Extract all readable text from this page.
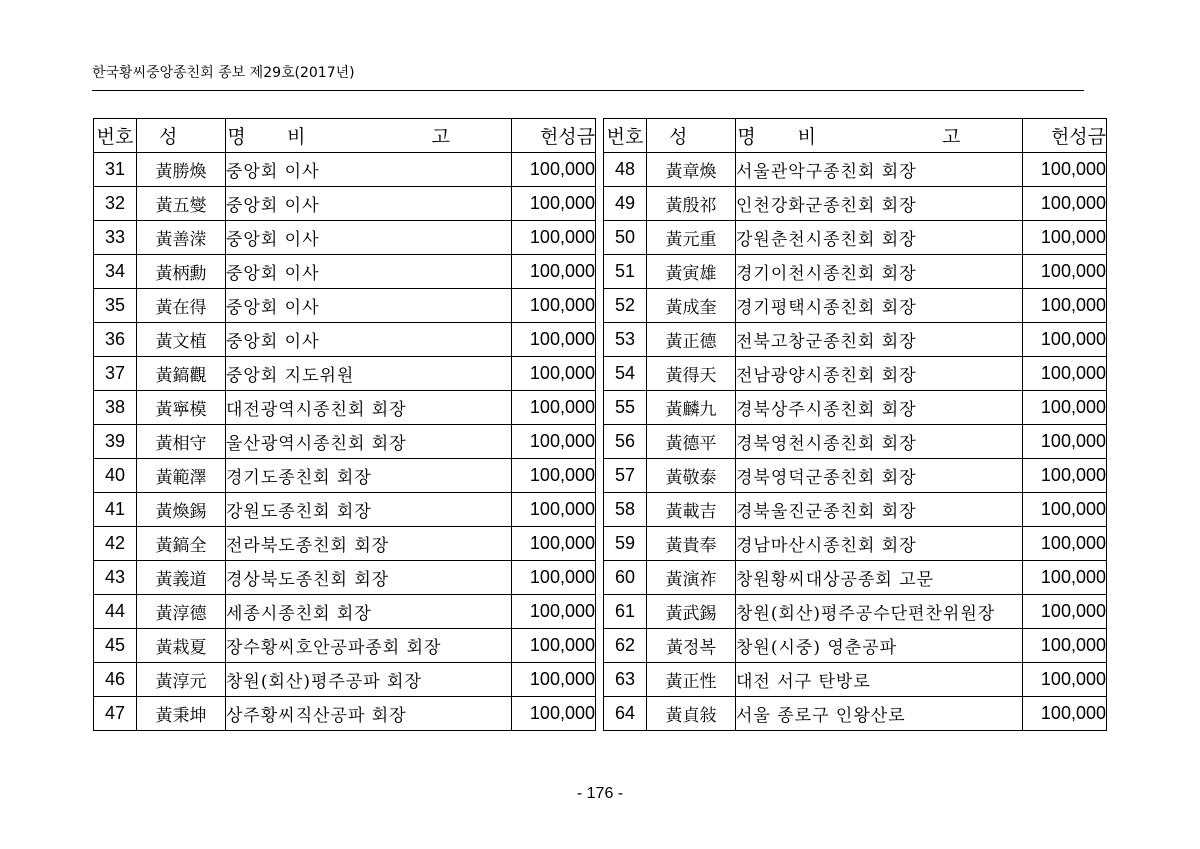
한국황씨중앙종친회 종보 제29호(2017년)
번호	성 명	비 고	헌성금
31	黃勝煥	중앙회 이사	100,000
32	黃五燮	중앙회 이사	100,000
33	黃善溁	중앙회 이사	100,000
34	黃柄勳	중앙회 이사	100,000
35	黃在得	중앙회 이사	100,000
36	黃文植	중앙회 이사	100,000
37	黃鎬觀	중앙회 지도위원	100,000
38	黃寧模	대전광역시종친회 회장	100,000
39	黃相守	울산광역시종친회 회장	100,000
40	黃範澤	경기도종친회 회장	100,000
41	黃煥錫	강원도종친회 회장	100,000
42	黃鎬全	전라북도종친회 회장	100,000
43	黃義道	경상북도종친회 회장	100,000
44	黃淳德	세종시종친회 회장	100,000
45	黃栽夏	장수황씨호안공파종회 회장	100,000
46	黃淳元	창원(회산)평주공파 회장	100,000
47	黃秉坤	상주황씨직산공파 회장	100,000
번호	성 명	비 고	헌성금
48	黃章煥	서울관악구종친회 회장	100,000
49	黃殷祁	인천강화군종친회 회장	100,000
50	黃元重	강원춘천시종친회 회장	100,000
51	黃寅雄	경기이천시종친회 회장	100,000
52	黃成奎	경기평택시종친회 회장	100,000
53	黃正德	전북고창군종친회 회장	100,000
54	黃得天	전남광양시종친회 회장	100,000
55	黃麟九	경북상주시종친회 회장	100,000
56	黃德平	경북영천시종친회 회장	100,000
57	黃敬泰	경북영덕군종친회 회장	100,000
58	黃載吉	경북울진군종친회 회장	100,000
59	黃貴奉	경남마산시종친회 회장	100,000
60	黃演祚	창원황씨대상공종회 고문	100,000
61	黃武錫	창원(회산)평주공수단편찬위원장	100,000
62	黃정복	창원(시중) 영춘공파	100,000
63	黃正性	대전 서구 탄방로	100,000
64	黃貞敍	서울 종로구 인왕산로	100,000
- 176 -
